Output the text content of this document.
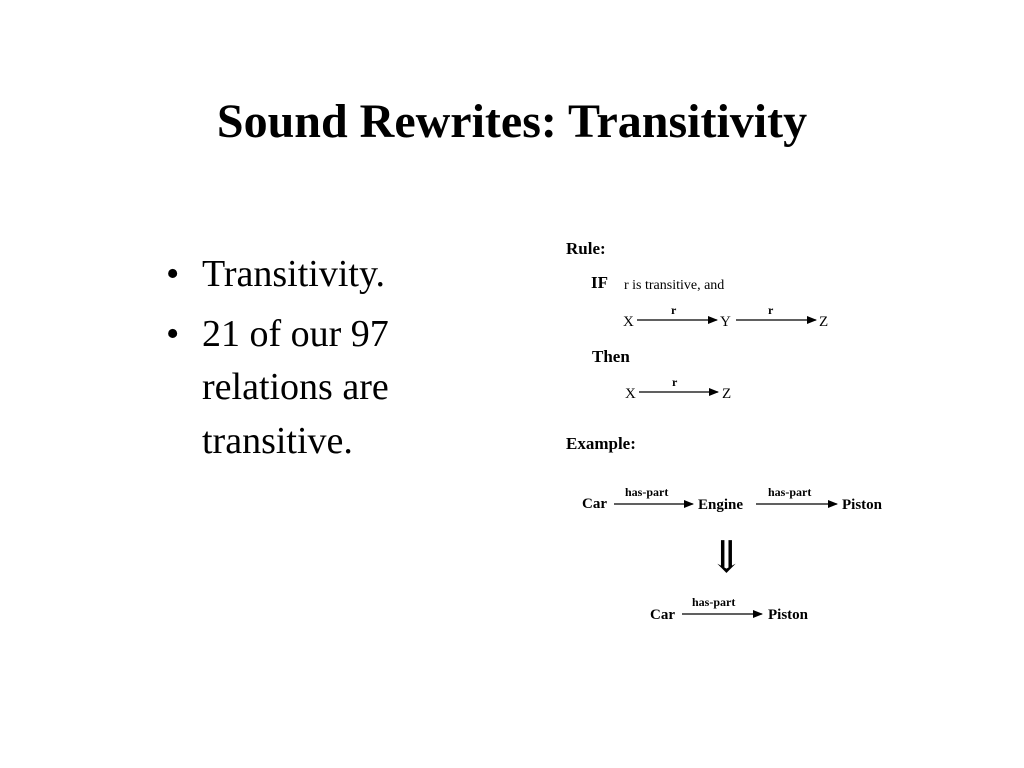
Sound Rewrites: Transitivity
• Transitivity.
• 21 of our 97 relations are transitive.
Rule:
IF r is transitive, and
X
r
Y
r
Z
Then
X
r
Z
Example:
Car
has-part
Engine
has-part
Piston
⇓
Car
has-part
Piston
